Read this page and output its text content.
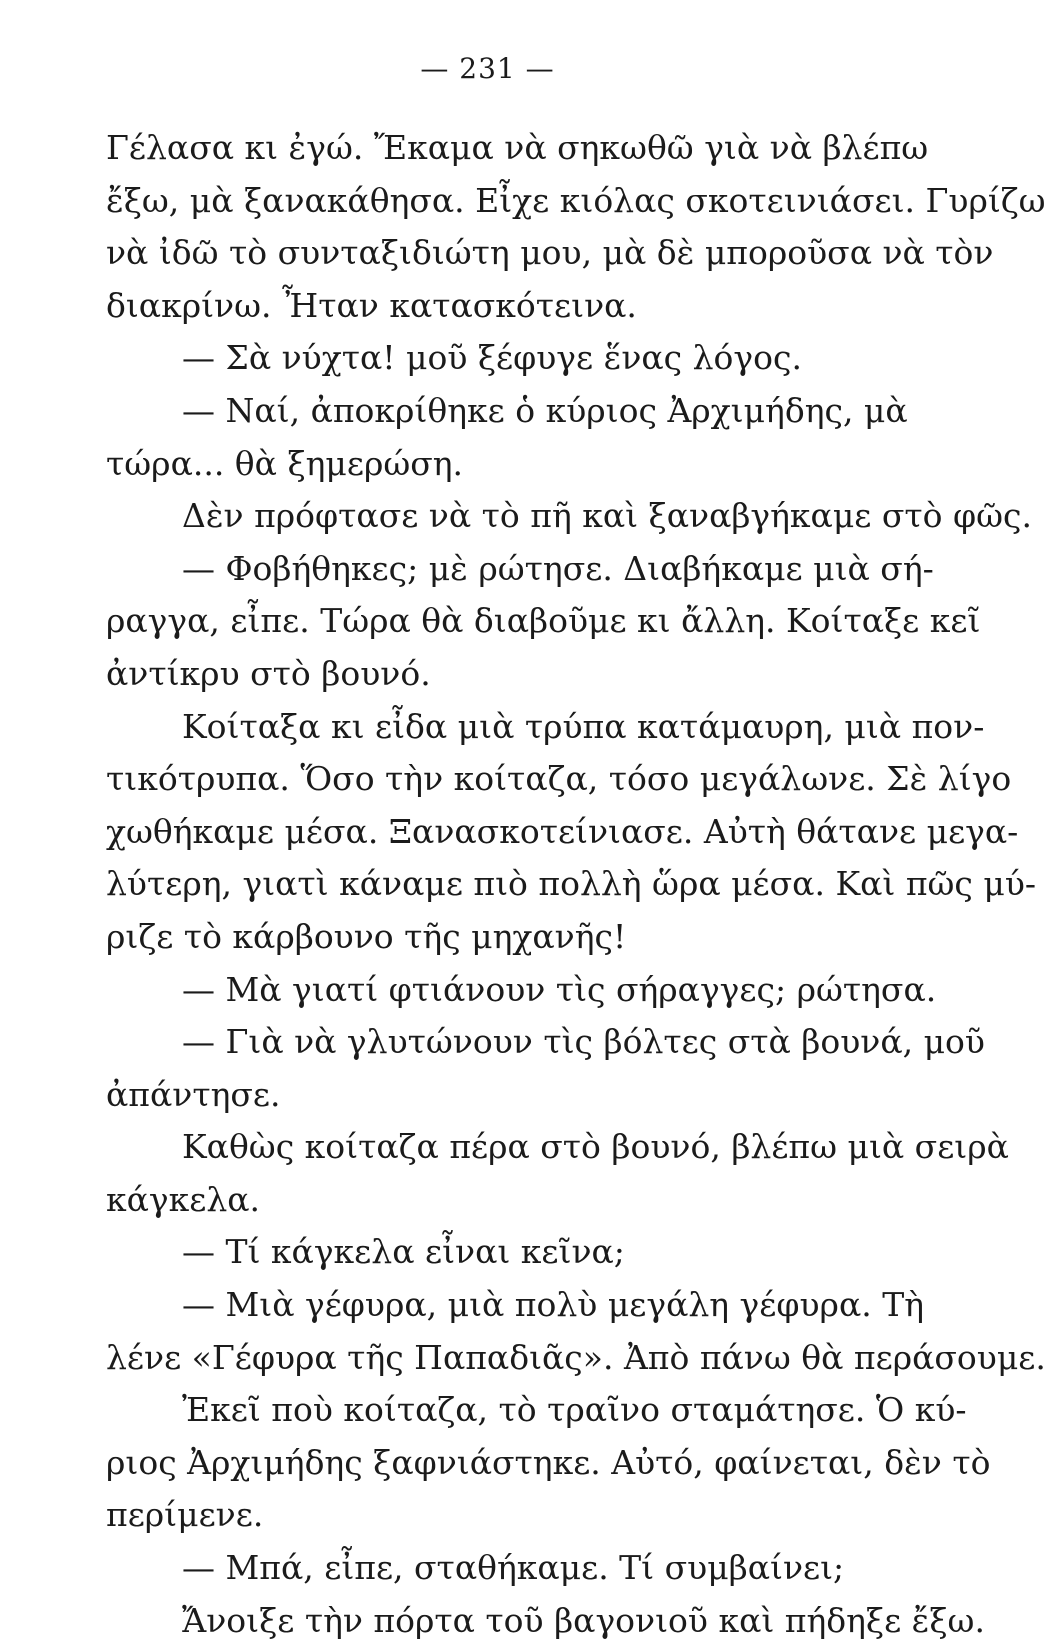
— 231 —
Γέλασα κι ἐγώ. Ἔκαμα νὰ σηκωθῶ γιὰ νὰ βλέπω
ἔξω, μὰ ξανακάθησα. Εἶχε κιόλας σκοτεινιάσει. Γυρίζω
νὰ ἰδῶ τὸ συνταξιδιώτη μου, μὰ δὲ μποροῦσα νὰ τὸν
διακρίνω. Ἦταν κατασκότεινα.
— Σὰ νύχτα! μοῦ ξέφυγε ἕνας λόγος.
— Ναί, ἀποκρίθηκε ὁ κύριος Ἀρχιμήδης, μὰ
τώρα... θὰ ξημερώση.
Δὲν πρόφτασε νὰ τὸ πῆ καὶ ξαναβγήκαμε στὸ φῶς.
— Φοβήθηκες; μὲ ρώτησε. Διαβήκαμε μιὰ σή-
ραγγα, εἶπε. Τώρα θὰ διαβοῦμε κι ἄλλη. Κοίταξε κεῖ
ἀντίκρυ στὸ βουνό.
Κοίταξα κι εἶδα μιὰ τρύπα κατάμαυρη, μιὰ πον-
τικότρυπα. Ὅσο τὴν κοίταζα, τόσο μεγάλωνε. Σὲ λίγο
χωθήκαμε μέσα. Ξανασκοτείνιασε. Αὐτὴ θάτανε μεγα-
λύτερη, γιατὶ κάναμε πιὸ πολλὴ ὥρα μέσα. Καὶ πῶς μύ-
ριζε τὸ κάρβουνο τῆς μηχανῆς!
— Μὰ γιατί φτιάνουν τὶς σήραγγες; ρώτησα.
— Γιὰ νὰ γλυτώνουν τὶς βόλτες στὰ βουνά, μοῦ
ἀπάντησε.
Καθὼς κοίταζα πέρα στὸ βουνό, βλέπω μιὰ σειρὰ
κάγκελα.
— Τί κάγκελα εἶναι κεῖνα;
— Μιὰ γέφυρα, μιὰ πολὺ μεγάλη γέφυρα. Τὴ
λένε «Γέφυρα τῆς Παπαδιᾶς». Ἀπὸ πάνω θὰ περάσουμε.
Ἐκεῖ ποὺ κοίταζα, τὸ τραῖνο σταμάτησε. Ὁ κύ-
ριος Ἀρχιμήδης ξαφνιάστηκε. Αὐτό, φαίνεται, δὲν τὸ
περίμενε.
— Μπά, εἶπε, σταθήκαμε. Τί συμβαίνει;
Ἄνοιξε τὴν πόρτα τοῦ βαγονιοῦ καὶ πήδηξε ἔξω.
